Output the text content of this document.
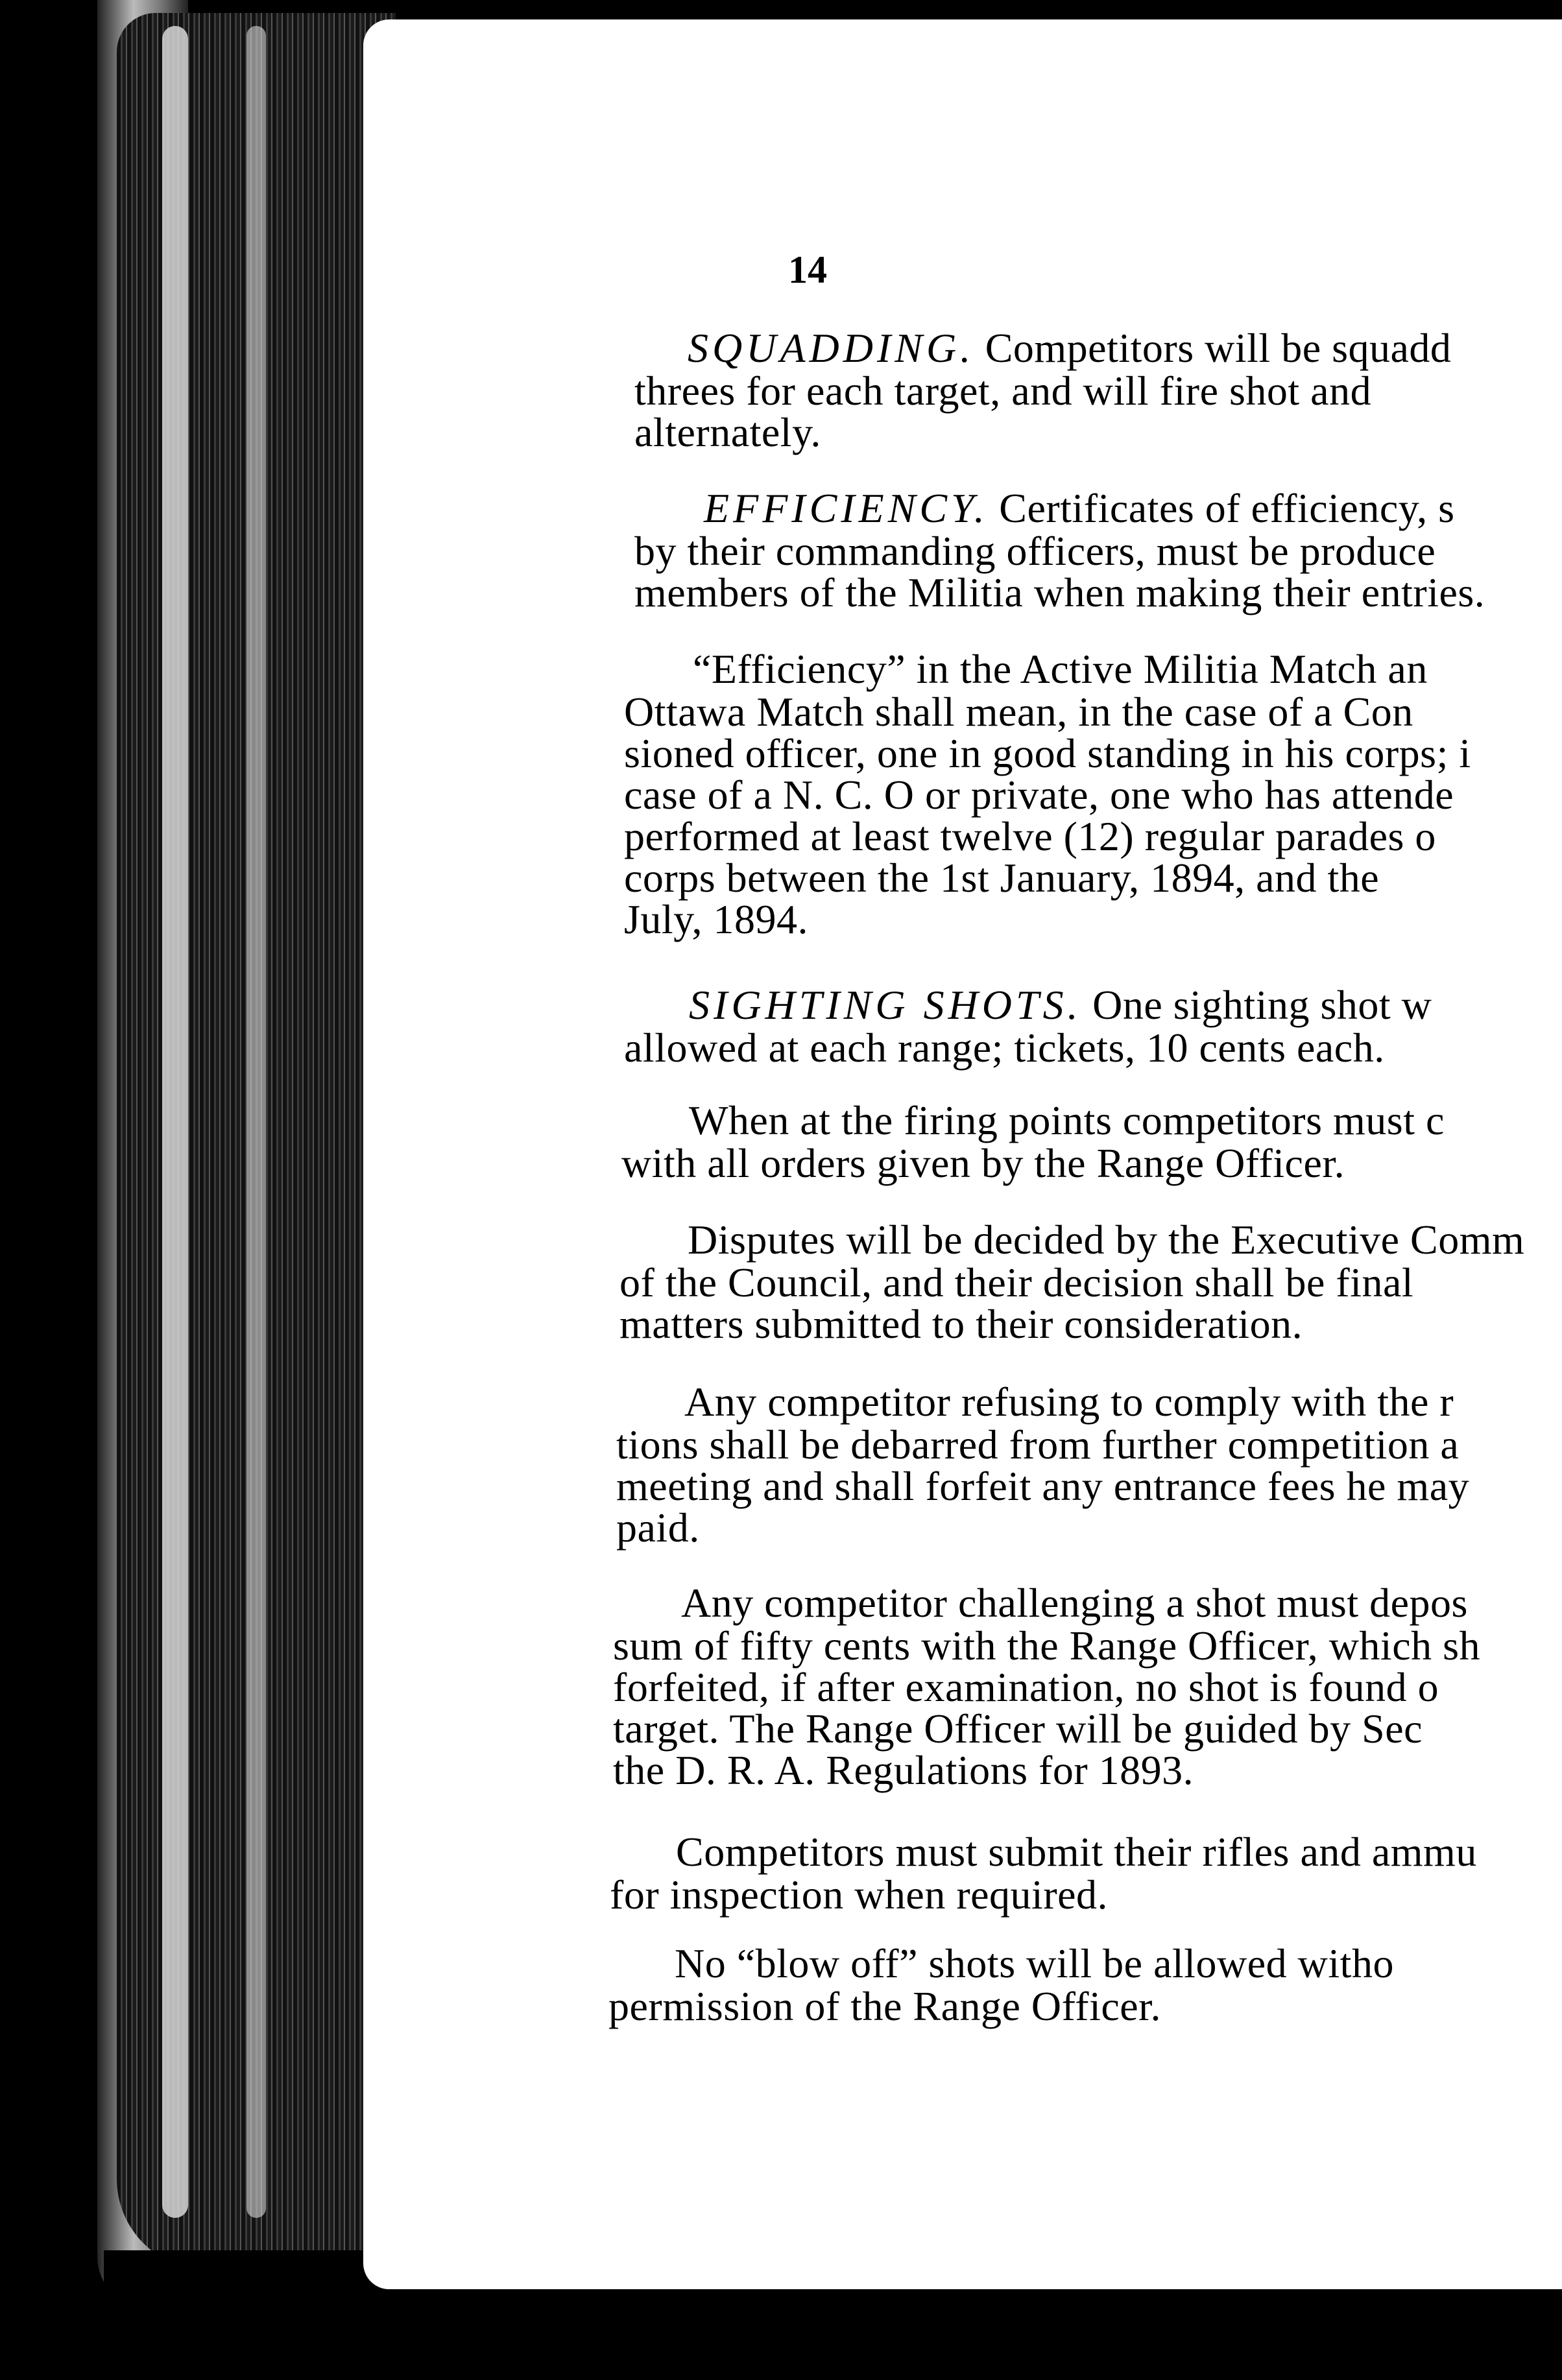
14
SQUADDING. Competitors will be squadd
threes for each target, and will fire shot and
alternately.
EFFICIENCY. Certificates of efficiency, s
by their commanding officers, must be produce
members of the Militia when making their entries.
“Efficiency” in the Active Militia Match an
Ottawa Match shall mean, in the case of a Con
sioned officer, one in good standing in his corps; i
case of a N. C. O or private, one who has attende
performed at least twelve (12) regular parades o
corps between the 1st January, 1894, and the
July, 1894.
SIGHTING SHOTS. One sighting shot w
allowed at each range; tickets, 10 cents each.
When at the firing points competitors must c
with all orders given by the Range Officer.
Disputes will be decided by the Executive Comm
of the Council, and their decision shall be final
matters submitted to their consideration.
Any competitor refusing to comply with the r
tions shall be debarred from further competition a
meeting and shall forfeit any entrance fees he may
paid.
Any competitor challenging a shot must depos
sum of fifty cents with the Range Officer, which sh
forfeited, if after examination, no shot is found o
target. The Range Officer will be guided by Sec
the D. R. A. Regulations for 1893.
Competitors must submit their rifles and ammu
for inspection when required.
No “blow off” shots will be allowed witho
permission of the Range Officer.
